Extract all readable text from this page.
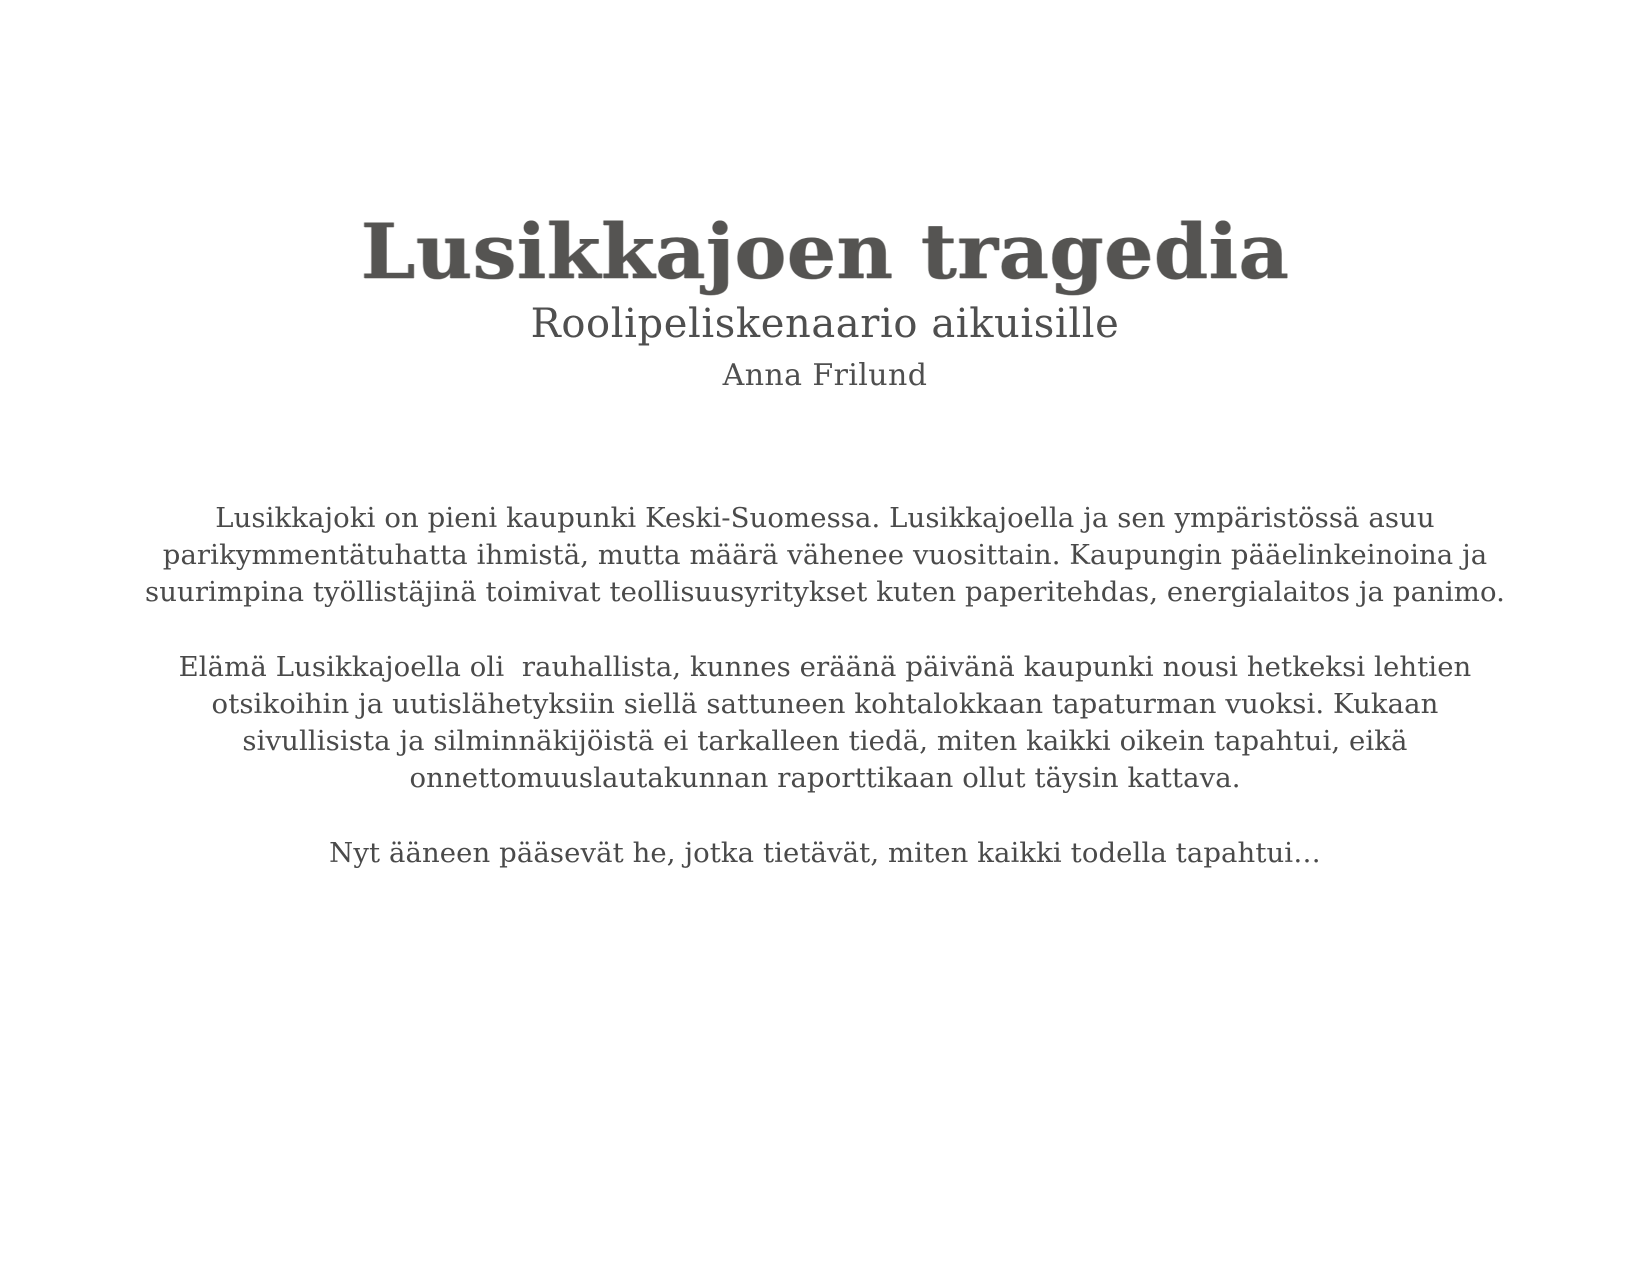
Lusikkajoen tragedia
Roolipeliskenaario aikuisille
Anna Frilund

Lusikkajoki on pieni kaupunki Keski-Suomessa. Lusikkajoella ja sen ympäristössä asuu parikymmentätuhatta ihmistä, mutta määrä vähenee vuosittain. Kaupungin pääelinkeinoina ja suurimpina työllistäjinä toimivat teollisuusyritykset kuten paperitehdas, energialaitos ja panimo.

Elämä Lusikkajoella oli  rauhallista, kunnes eräänä päivänä kaupunki nousi hetkeksi lehtien otsikoihin ja uutislähetyksiin siellä sattuneen kohtalokkaan tapaturman vuoksi. Kukaan sivullisista ja silminnäkijöistä ei tarkalleen tiedä, miten kaikki oikein tapahtui, eikä onnettomuuslautakunnan raporttikaan ollut täysin kattava.

Nyt ääneen pääsevät he, jotka tietävät, miten kaikki todella tapahtui…
